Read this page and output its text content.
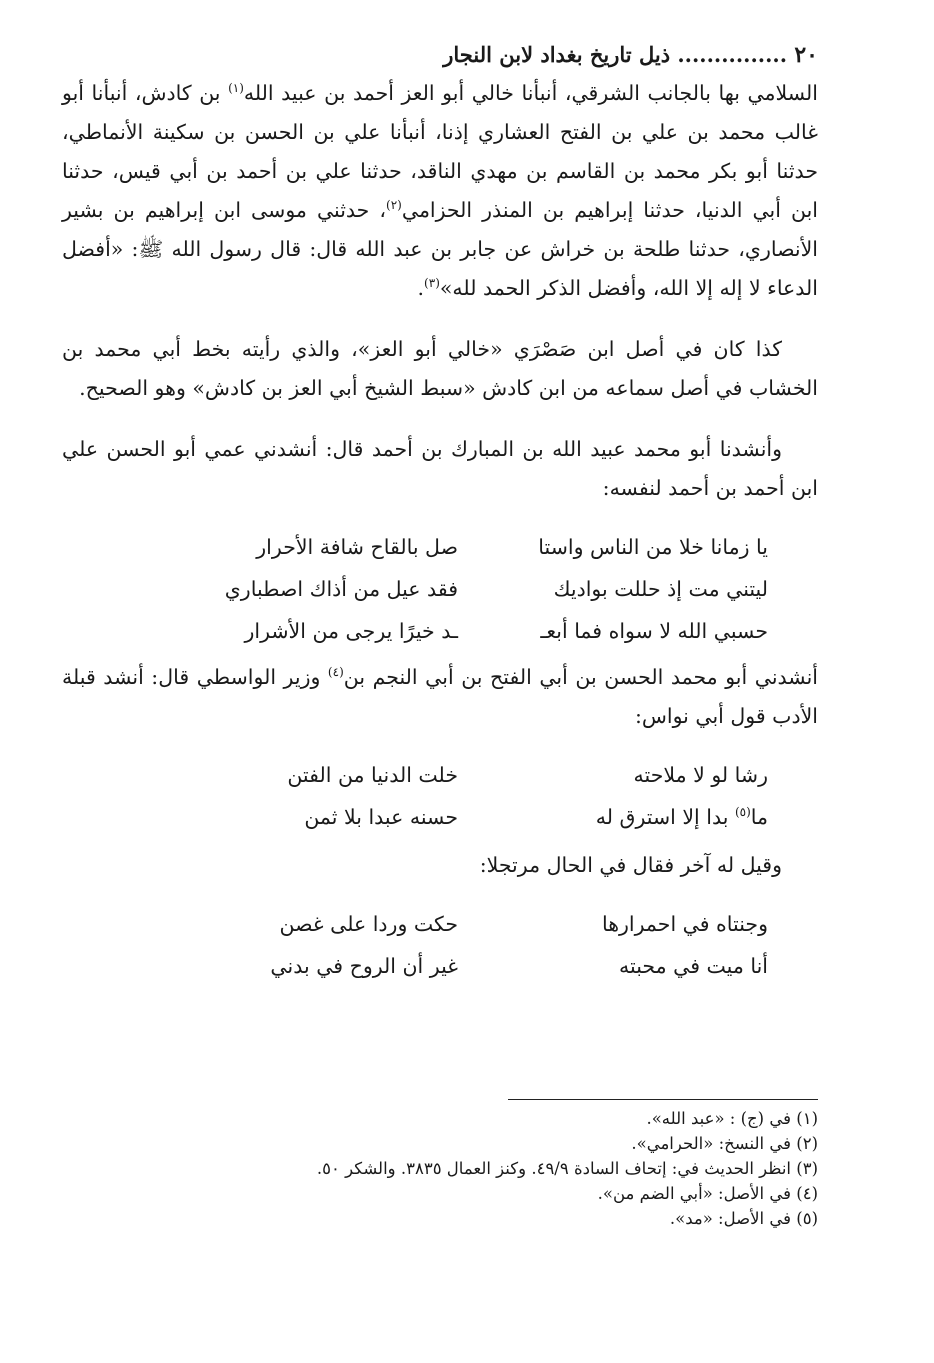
٢٠ ............... ذيل تاريخ بغداد لابن النجار

السلامي بها بالجانب الشرقي، أنبأنا خالي أبو العز أحمد بن عبيد الله$^{(١)}$ بن كادش، أنبأنا أبو غالب محمد بن علي بن الفتح العشاري إذنا، أنبأنا علي بن الحسن بن سكينة الأنماطي، حدثنا أبو بكر محمد بن القاسم بن مهدي الناقد، حدثنا علي بن أحمد بن أبي قيس، حدثنا ابن أبي الدنيا، حدثنا إبراهيم بن المنذر الحزامي$^{(٢)}$، حدثني موسى ابن إبراهيم بن بشير الأنصاري، حدثنا طلحة بن خراش عن جابر بن عبد الله قال: قال رسول الله ﷺ: «أفضل الدعاء لا إله إلا الله، وأفضل الذكر الحمد لله»$^{(٣)}$.

كذا كان في أصل ابن صَصْرَي «خالي أبو العز»، والذي رأيته بخط أبي محمد بن الخشاب في أصل سماعه من ابن كادش «سبط الشيخ أبي العز بن كادش» وهو الصحيح.

وأنشدنا أبو محمد عبيد الله بن المبارك بن أحمد قال: أنشدني عمي أبو الحسن علي ابن أحمد بن أحمد لنفسه:

يا زمانا خلا من الناس واستا
صل بالقاح شافة الأحرار
ليتني مت إذ حللت بواديك
فقد عيل من أذاك اصطباري
حسبي الله لا سواه فما أبعـ
ـد خيرًا يرجى من الأشرار

أنشدني أبو محمد الحسن بن أبي الفتح بن أبي النجم بن$^{(٤)}$ وزير الواسطي قال: أنشد قبلة الأدب قول أبي نواس:

رشا لو لا ملاحته
خلت الدنيا من الفتن
ما$^{(٥)}$ بدا إلا استرق له
حسنه عبدا بلا ثمن

وقيل له آخر فقال في الحال مرتجلا:

وجنتاه في احمرارها
حكت وردا على غصن
أنا ميت في محبته
غير أن الروح في بدني

(١) في (ج) : «عبد الله».

(٢) في النسخ: «الحرامي».

(٣) انظر الحديث في: إتحاف السادة ٤٩/٩. وكنز العمال ٣٨٣٥. والشكر ٥٠.

(٤) في الأصل: «أبي الضم من».

(٥) في الأصل: «مد».
